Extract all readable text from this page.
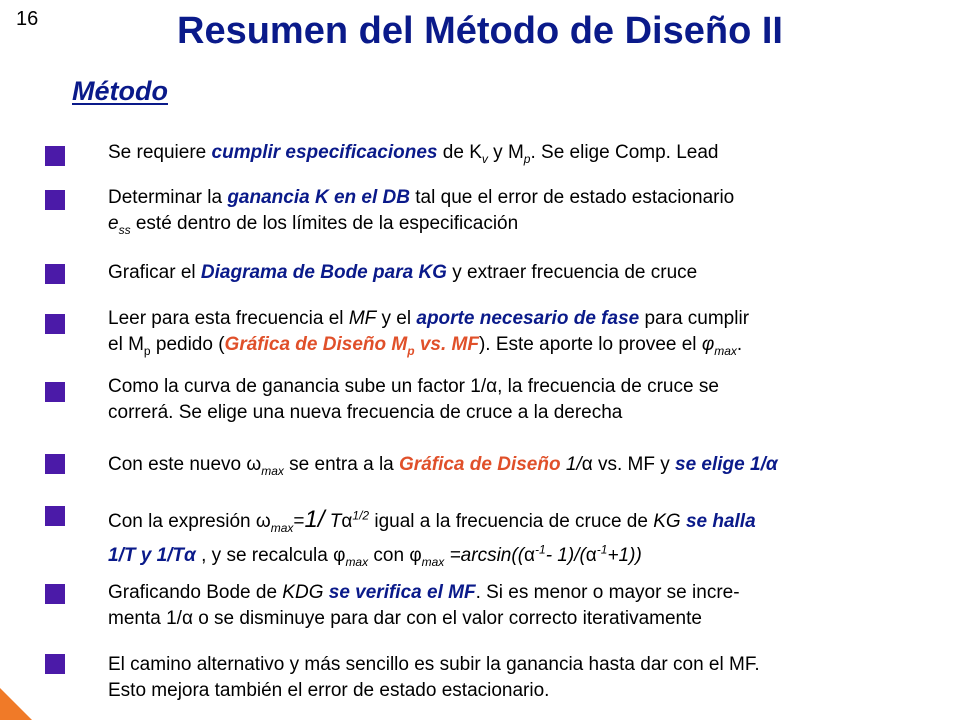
16	Resumen del Método de Diseño II
Método
Se requiere cumplir especificaciones de $K_v$ y $M_p$. Se elige Comp. Lead
Determinar la ganancia K en el DB tal que el error de estado estacionario
$e_{ss}$ esté dentro de los límites de la especificación
Graficar el Diagrama de Bode para KG y extraer frecuencia de cruce
Leer para esta frecuencia el MF y el aporte necesario de fase para cumplir
el $M_p$ pedido (Gráfica de Diseño $M_p$ vs. MF). Este aporte lo provee el $\varphi_{max}$.
Como la curva de ganancia sube un factor 1/α, la frecuencia de cruce se
correrá. Se elige una nueva frecuencia de cruce a la derecha
Con este nuevo $\omega_{max}$ se entra a la Gráfica de Diseño 1/α vs. MF y se elige 1/α
Con la expresión $\omega_{max}=1/$ $T\alpha^{1/2}$ igual a la frecuencia de cruce de KG se halla
1/T y 1/Tα , y se recalcula $\varphi_{max}$ con $\varphi_{max} =\arcsin((\alpha^{-1}-$ $1)/(\alpha^{-1}+1)$)
Graficando Bode de KDG se verifica el MF. Si es menor o mayor se incre-
menta 1/α o se disminuye para dar con el valor correcto iterativamente
El camino alternativo y más sencillo es subir la ganancia hasta dar con el MF.
Esto mejora también el error de estado estacionario.
